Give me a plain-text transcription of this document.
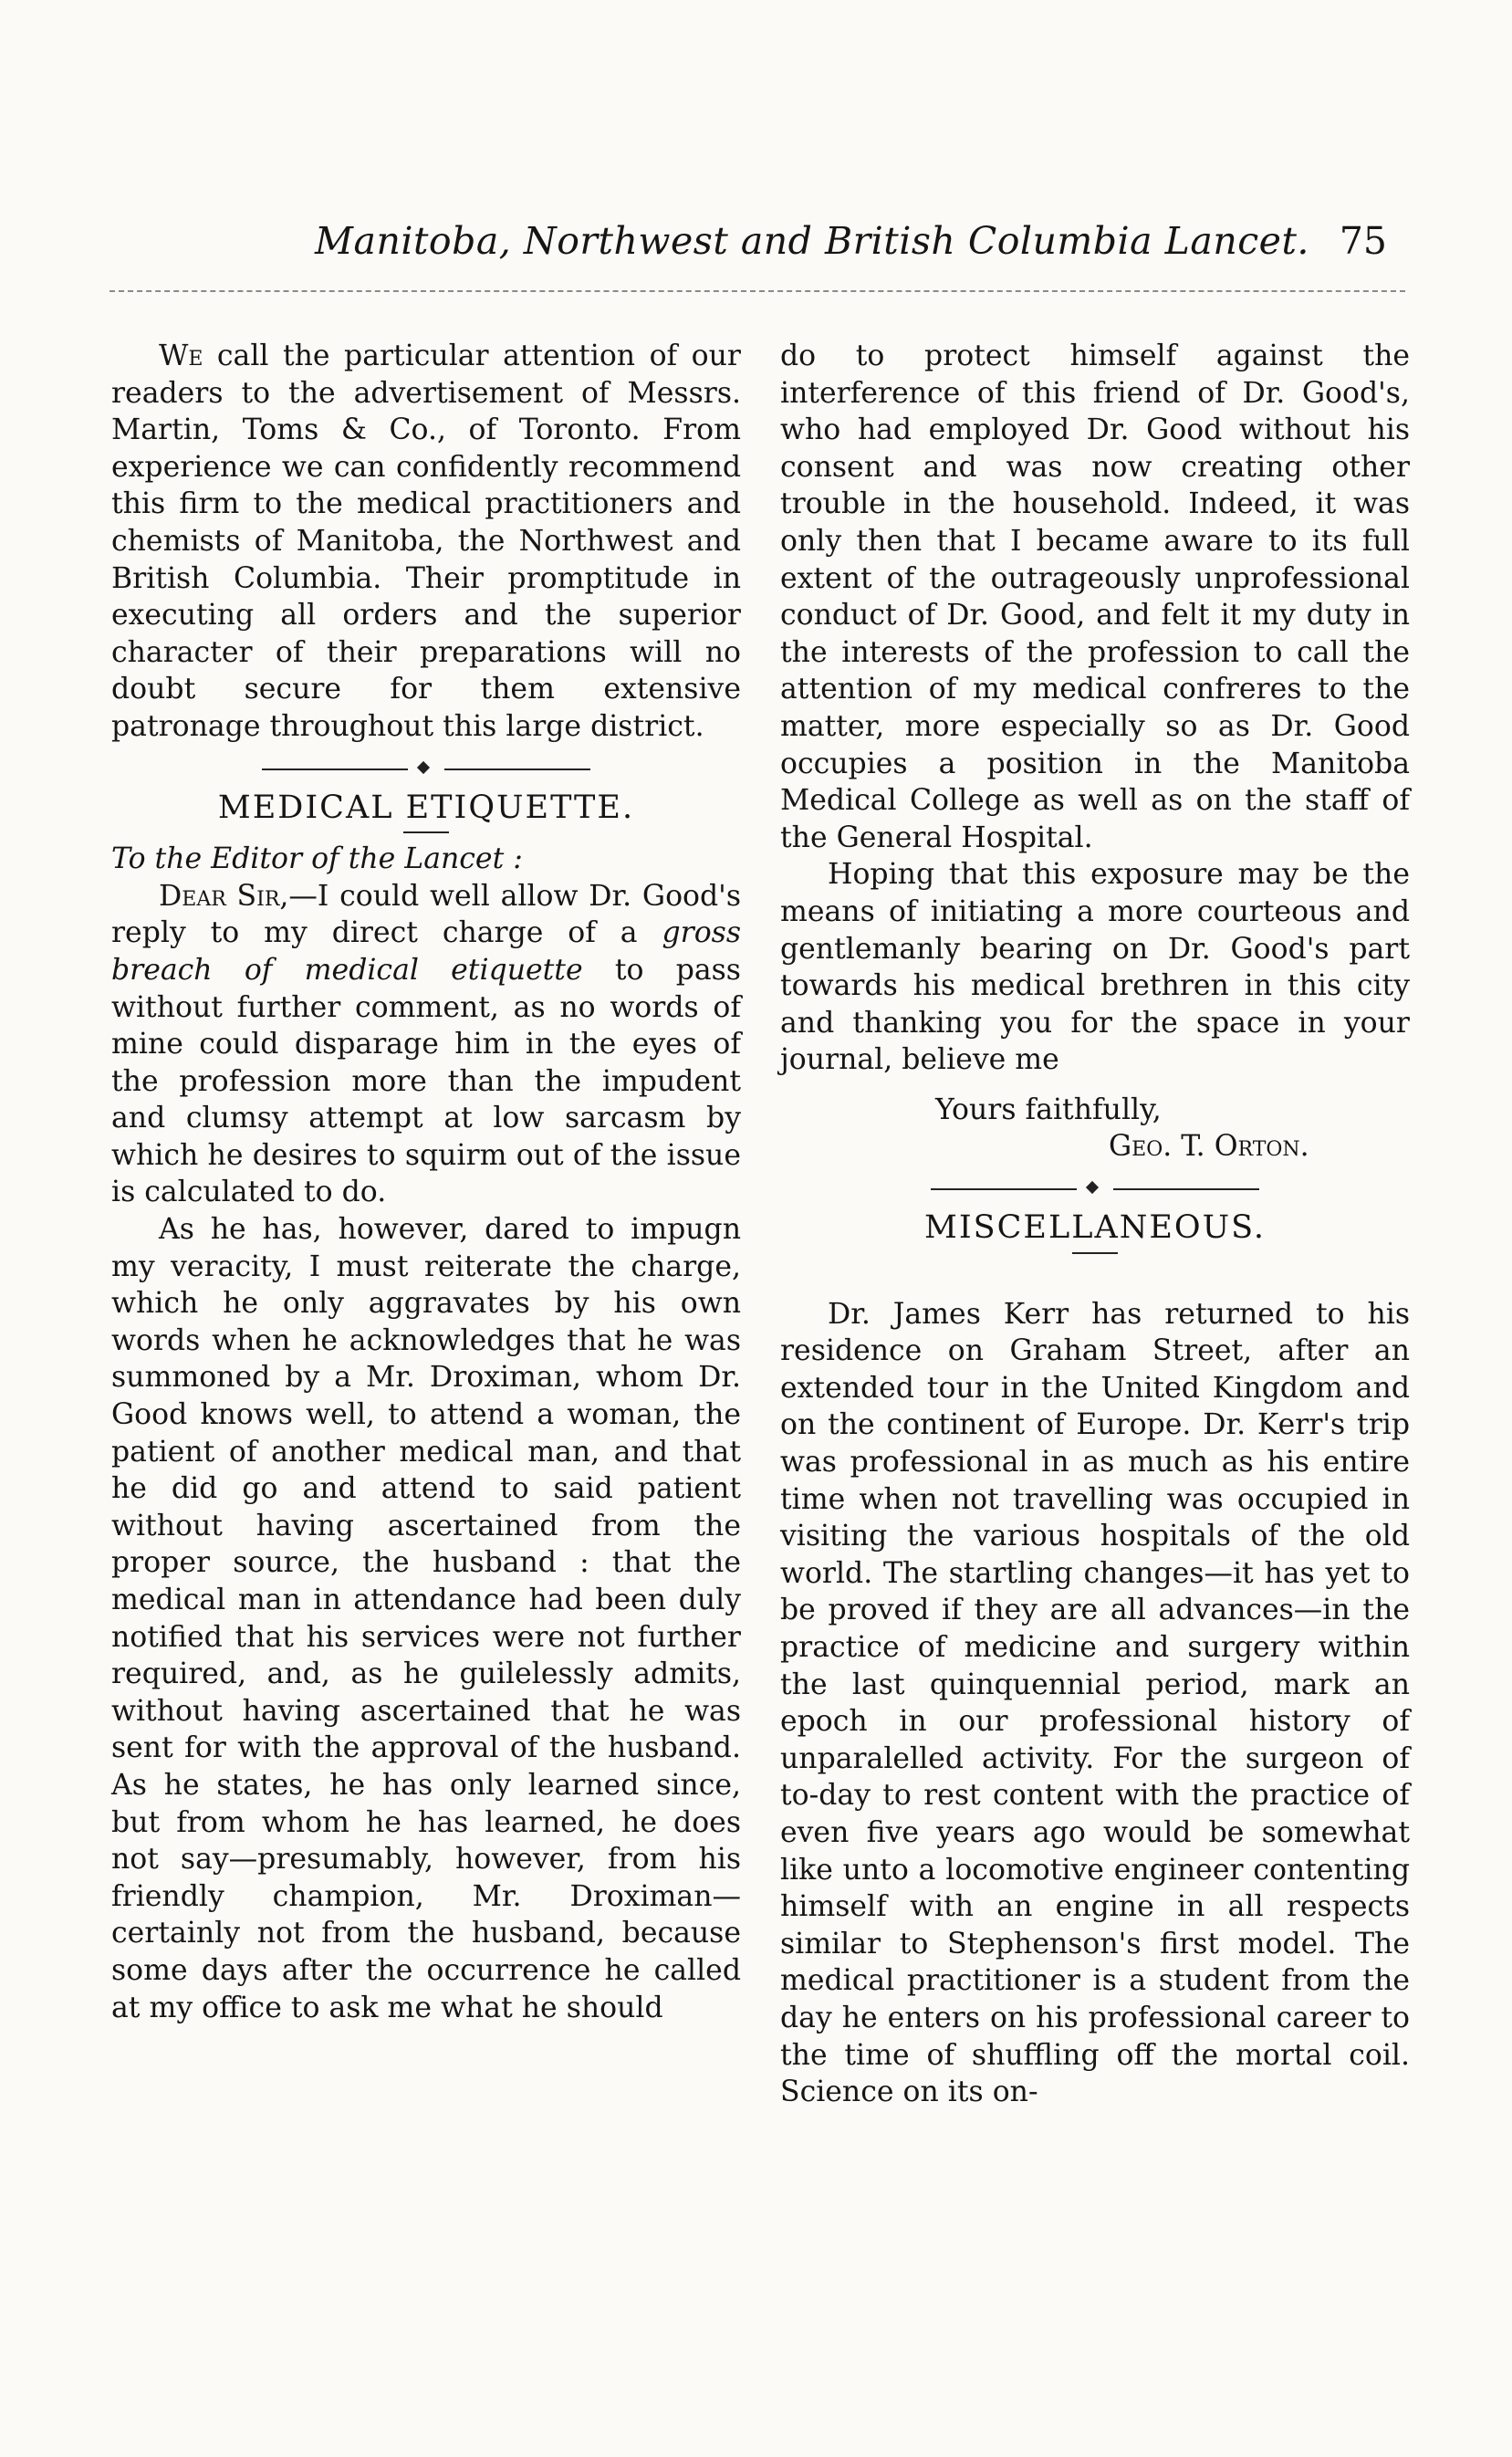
Manitoba, Northwest and British Columbia Lancet. 75

We call the particular attention of our readers to the advertisement of Messrs. Martin, Toms & Co., of Toronto. From experience we can confidently recommend this firm to the medical practitioners and chemists of Manitoba, the Northwest and British Columbia. Their promptitude in executing all orders and the superior character of their preparations will no doubt secure for them extensive patronage throughout this large district.

MEDICAL ETIQUETTE.

To the Editor of the Lancet :

Dear Sir,—I could well allow Dr. Good's reply to my direct charge of a gross breach of medical etiquette to pass without further comment, as no words of mine could disparage him in the eyes of the profession more than the impudent and clumsy attempt at low sarcasm by which he desires to squirm out of the issue is calculated to do.

As he has, however, dared to impugn my veracity, I must reiterate the charge, which he only aggravates by his own words when he acknowledges that he was summoned by a Mr. Droximan, whom Dr. Good knows well, to attend a woman, the patient of another medical man, and that he did go and attend to said patient without having ascertained from the proper source, the husband : that the medical man in attendance had been duly notified that his services were not further required, and, as he guilelessly admits, without having ascertained that he was sent for with the approval of the husband. As he states, he has only learned since, but from whom he has learned, he does not say—presumably, however, from his friendly champion, Mr. Droximan—certainly not from the husband, because some days after the occurrence he called at my office to ask me what he should

do to protect himself against the interference of this friend of Dr. Good's, who had employed Dr. Good without his consent and was now creating other trouble in the household. Indeed, it was only then that I became aware to its full extent of the outrageously unprofessional conduct of Dr. Good, and felt it my duty in the interests of the profession to call the attention of my medical confreres to the matter, more especially so as Dr. Good occupies a position in the Manitoba Medical College as well as on the staff of the General Hospital.

Hoping that this exposure may be the means of initiating a more courteous and gentlemanly bearing on Dr. Good's part towards his medical brethren in this city and thanking you for the space in your journal, believe me

Yours faithfully,

Geo. T. Orton.

MISCELLANEOUS.

Dr. James Kerr has returned to his residence on Graham Street, after an extended tour in the United Kingdom and on the continent of Europe. Dr. Kerr's trip was professional in as much as his entire time when not travelling was occupied in visiting the various hospitals of the old world. The startling changes—it has yet to be proved if they are all advances—in the practice of medicine and surgery within the last quinquennial period, mark an epoch in our professional history of unparalelled activity. For the surgeon of to-day to rest content with the practice of even five years ago would be somewhat like unto a locomotive engineer contenting himself with an engine in all respects similar to Stephenson's first model. The medical practitioner is a student from the day he enters on his professional career to the time of shuffling off the mortal coil. Science on its on-
